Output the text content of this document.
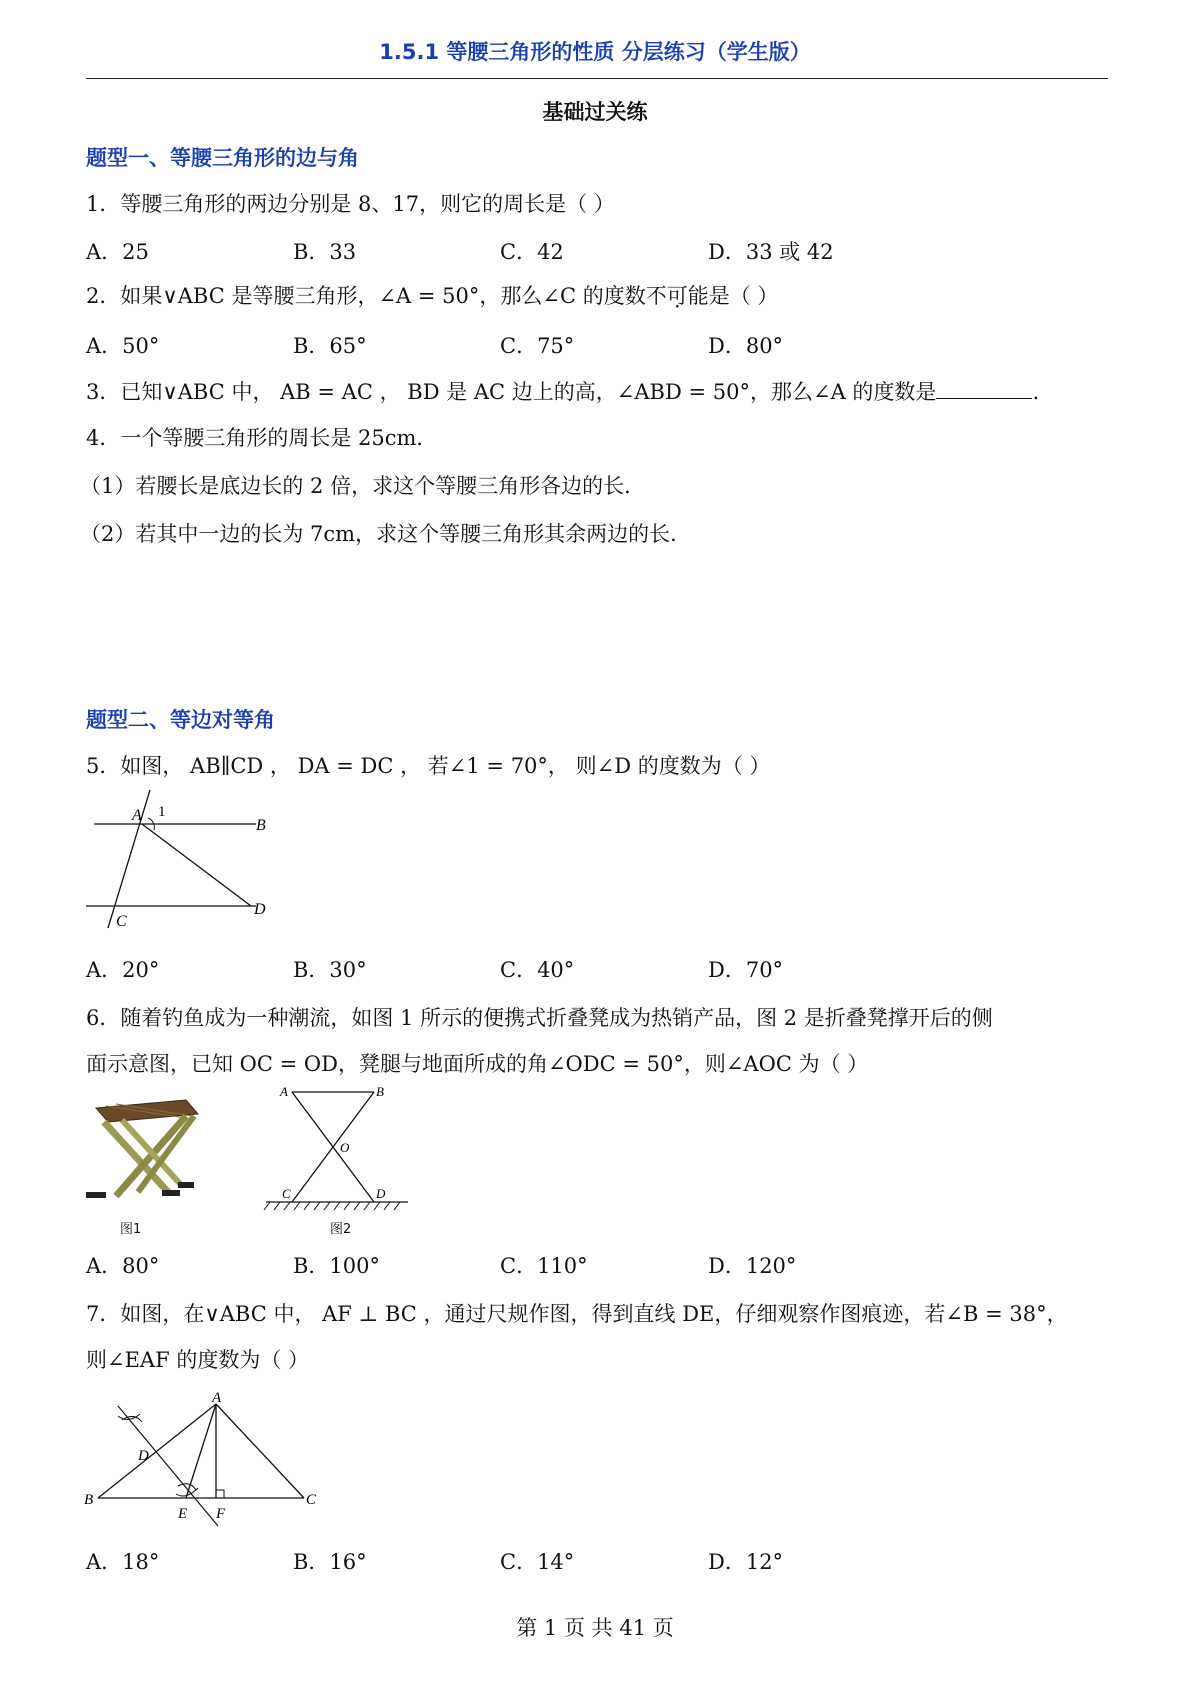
1.5.1 等腰三角形的性质 分层练习（学生版）
基础过关练
题型一、等腰三角形的边与角
1．等腰三角形的两边分别是 8、17，则它的周长是（ ）
A．25	B．33	C．42	D．33 或 42
2．如果∨ABC 是等腰三角形，∠A = 50°，那么∠C 的度数不可能是（ ）
A．50°	B．65°	C．75°	D．80°
3．已知∨ABC 中， AB = AC ， BD 是 AC 边上的高，∠ABD = 50°，那么∠A 的度数是	.
4．一个等腰三角形的周长是 25cm．
（1）若腰长是底边长的 2 倍，求这个等腰三角形各边的长．
（2）若其中一边的长为 7cm，求这个等腰三角形其余两边的长．
题型二、等边对等角
5．如图， AB∥CD ， DA = DC ， 若∠1 = 70°， 则∠D 的度数为（ ）
A 1
B
C
D
A．20°	B．30°	C．40°	D．70°
6．随着钓鱼成为一种潮流，如图 1 所示的便携式折叠凳成为热销产品，图 2 是折叠凳撑开后的侧
面示意图，已知 OC = OD，凳腿与地面所成的角∠ODC = 50°，则∠AOC 为（ ）
图1
A	B
O
C	D
图2
A．80°	B．100°	C．110°	D．120°
7．如图，在∨ABC 中， AF ⊥ BC ，通过尺规作图，得到直线 DE，仔细观察作图痕迹，若∠B = 38°，
则∠EAF 的度数为（ ）
A
D
B
E F
C
A．18°	B．16°	C．14°	D．12°
第 1 页 共 41 页
